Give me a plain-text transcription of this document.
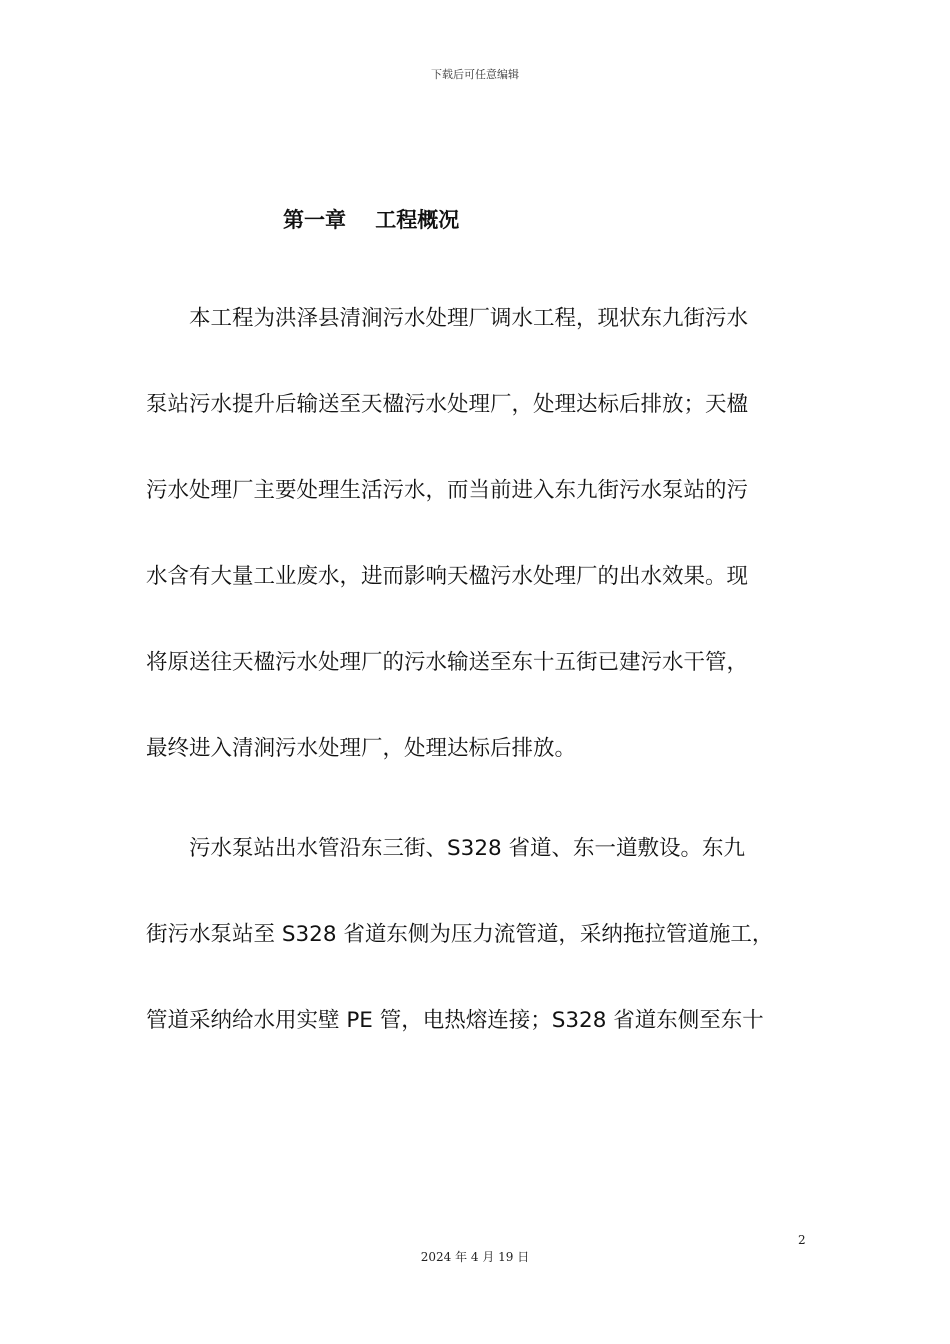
下载后可任意编辑
第一章    工程概况
　　本工程为洪泽县清涧污水处理厂调水工程，现状东九街污水
泵站污水提升后输送至天楹污水处理厂，处理达标后排放；天楹
污水处理厂主要处理生活污水，而当前进入东九街污水泵站的污
水含有大量工业废水，进而影响天楹污水处理厂的出水效果。现
将原送往天楹污水处理厂的污水输送至东十五街已建污水干管，
最终进入清涧污水处理厂，处理达标后排放。
　　污水泵站出水管沿东三街、S328 省道、东一道敷设。东九
街污水泵站至 S328 省道东侧为压力流管道，采纳拖拉管道施工，
管道采纳给水用实壁 PE 管，电热熔连接；S328 省道东侧至东十
2
2024 年 4 月 19 日
